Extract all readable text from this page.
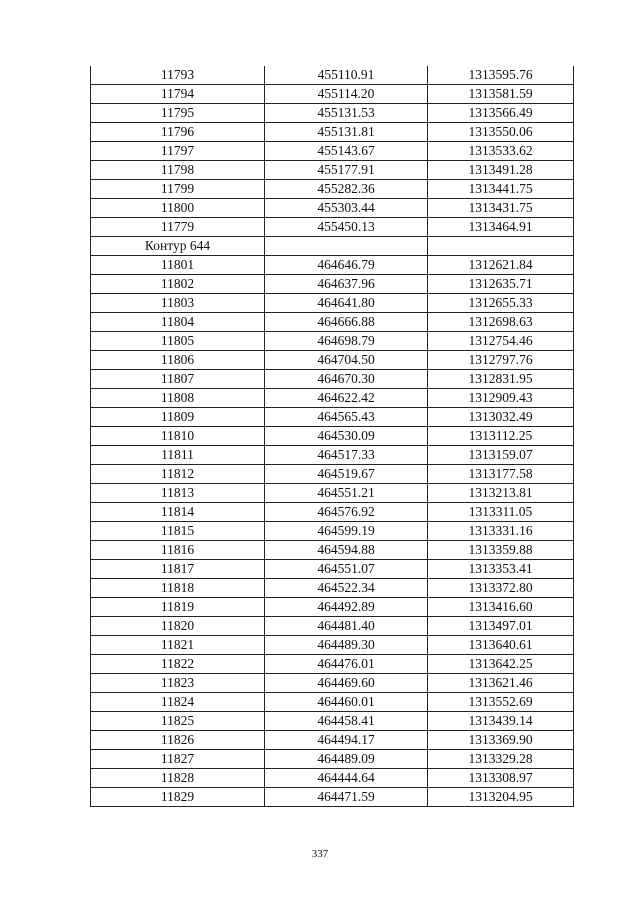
11793	455110.91	1313595.76
11794	455114.20	1313581.59
11795	455131.53	1313566.49
11796	455131.81	1313550.06
11797	455143.67	1313533.62
11798	455177.91	1313491.28
11799	455282.36	1313441.75
11800	455303.44	1313431.75
11779	455450.13	1313464.91
Контур 644		
11801	464646.79	1312621.84
11802	464637.96	1312635.71
11803	464641.80	1312655.33
11804	464666.88	1312698.63
11805	464698.79	1312754.46
11806	464704.50	1312797.76
11807	464670.30	1312831.95
11808	464622.42	1312909.43
11809	464565.43	1313032.49
11810	464530.09	1313112.25
11811	464517.33	1313159.07
11812	464519.67	1313177.58
11813	464551.21	1313213.81
11814	464576.92	1313311.05
11815	464599.19	1313331.16
11816	464594.88	1313359.88
11817	464551.07	1313353.41
11818	464522.34	1313372.80
11819	464492.89	1313416.60
11820	464481.40	1313497.01
11821	464489.30	1313640.61
11822	464476.01	1313642.25
11823	464469.60	1313621.46
11824	464460.01	1313552.69
11825	464458.41	1313439.14
11826	464494.17	1313369.90
11827	464489.09	1313329.28
11828	464444.64	1313308.97
11829	464471.59	1313204.95
337
